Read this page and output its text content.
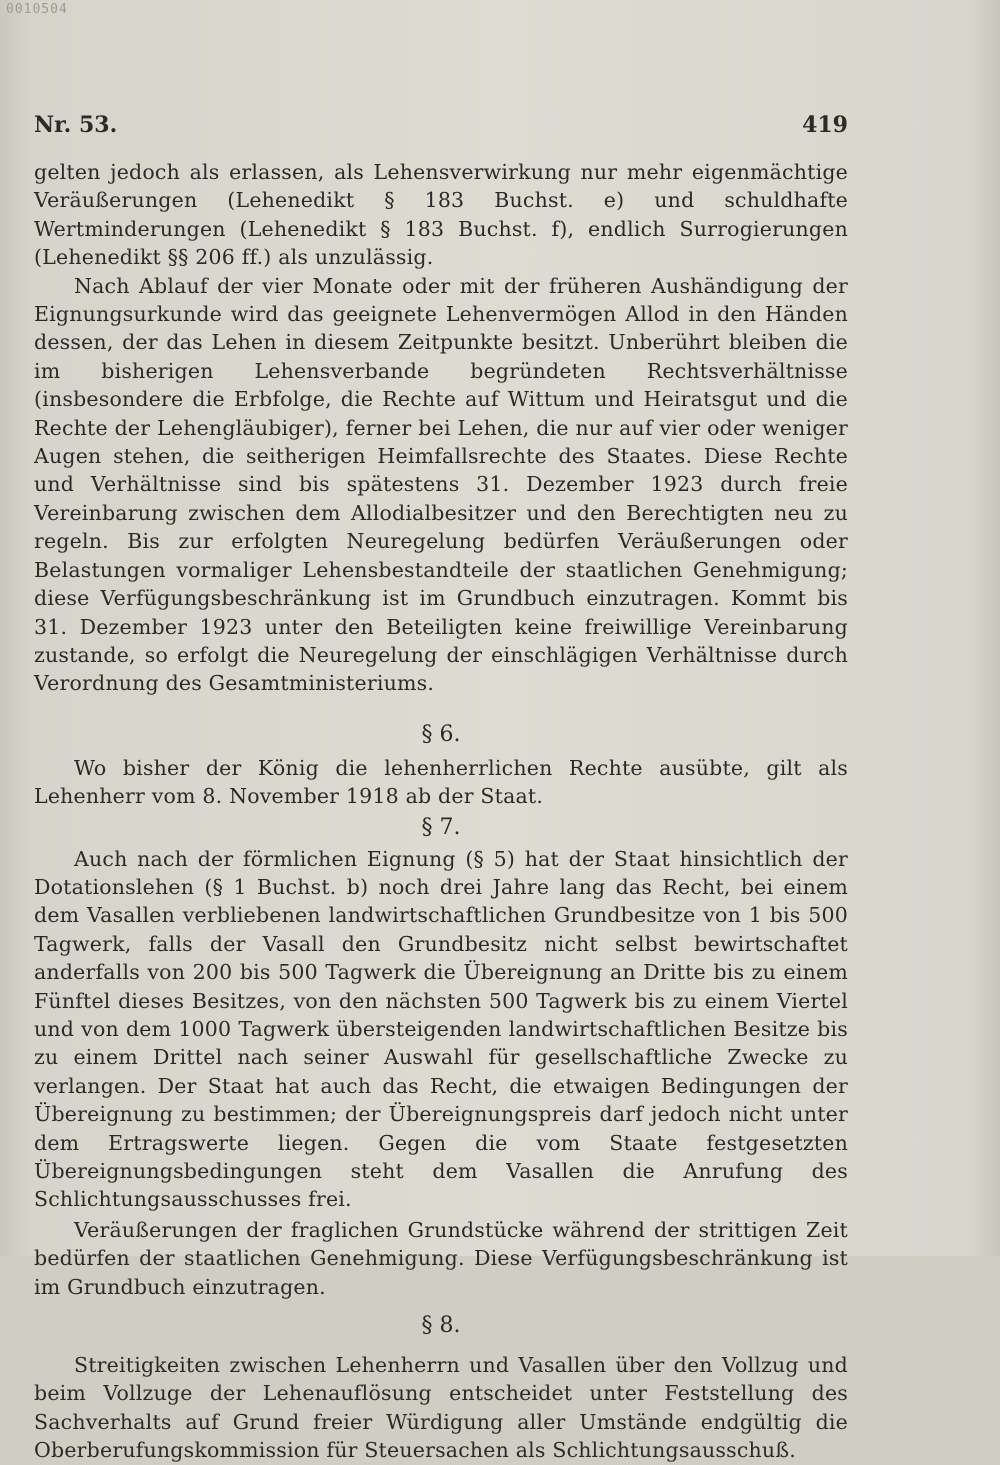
0010504
Nr. 53.	419

gelten jedoch als erlassen, als Lehensverwirkung nur mehr eigenmächtige Veräußerungen (Lehenedikt § 183 Buchst. e) und schuldhafte Wertminderungen (Lehenedikt § 183 Buchst. f), endlich Surrogierungen (Lehenedikt §§ 206 ff.) als unzulässig.

Nach Ablauf der vier Monate oder mit der früheren Aushändigung der Eignungsurkunde wird das geeignete Lehenvermögen Allod in den Händen dessen, der das Lehen in diesem Zeitpunkte besitzt. Unberührt bleiben die im bisherigen Lehensverbande begründeten Rechtsverhältnisse (insbesondere die Erbfolge, die Rechte auf Wittum und Heiratsgut und die Rechte der Lehengläubiger), ferner bei Lehen, die nur auf vier oder weniger Augen stehen, die seitherigen Heimfallsrechte des Staates. Diese Rechte und Verhältnisse sind bis spätestens 31. Dezember 1923 durch freie Vereinbarung zwischen dem Allodialbesitzer und den Berechtigten neu zu regeln. Bis zur erfolgten Neuregelung bedürfen Veräußerungen oder Belastungen vormaliger Lehensbestandteile der staatlichen Genehmigung; diese Verfügungsbeschränkung ist im Grundbuch einzutragen. Kommt bis 31. Dezember 1923 unter den Beteiligten keine freiwillige Vereinbarung zustande, so erfolgt die Neuregelung der einschlägigen Verhältnisse durch Verordnung des Gesamtministeriums.

§ 6.

Wo bisher der König die lehenherrlichen Rechte ausübte, gilt als Lehenherr vom 8. November 1918 ab der Staat.

§ 7.

Auch nach der förmlichen Eignung (§ 5) hat der Staat hinsichtlich der Dotationslehen (§ 1 Buchst. b) noch drei Jahre lang das Recht, bei einem dem Vasallen verbliebenen landwirtschaftlichen Grundbesitze von 1 bis 500 Tagwerk, falls der Vasall den Grundbesitz nicht selbst bewirtschaftet anderfalls von 200 bis 500 Tagwerk die Übereignung an Dritte bis zu einem Fünftel dieses Besitzes, von den nächsten 500 Tagwerk bis zu einem Viertel und von dem 1000 Tagwerk übersteigenden landwirtschaftlichen Besitze bis zu einem Drittel nach seiner Auswahl für gesellschaftliche Zwecke zu verlangen. Der Staat hat auch das Recht, die etwaigen Bedingungen der Übereignung zu bestimmen; der Übereignungspreis darf jedoch nicht unter dem Ertragswerte liegen. Gegen die vom Staate festgesetzten Übereignungsbedingungen steht dem Vasallen die Anrufung des Schlichtungsausschusses frei.

Veräußerungen der fraglichen Grundstücke während der strittigen Zeit bedürfen der staatlichen Genehmigung. Diese Verfügungsbeschränkung ist im Grundbuch einzutragen.

§ 8.

Streitigkeiten zwischen Lehenherrn und Vasallen über den Vollzug und beim Vollzuge der Lehenauflösung entscheidet unter Feststellung des Sachverhalts auf Grund freier Würdigung aller Umstände endgültig die Oberberufungskommission für Steuersachen als Schlichtungsausschuß.
